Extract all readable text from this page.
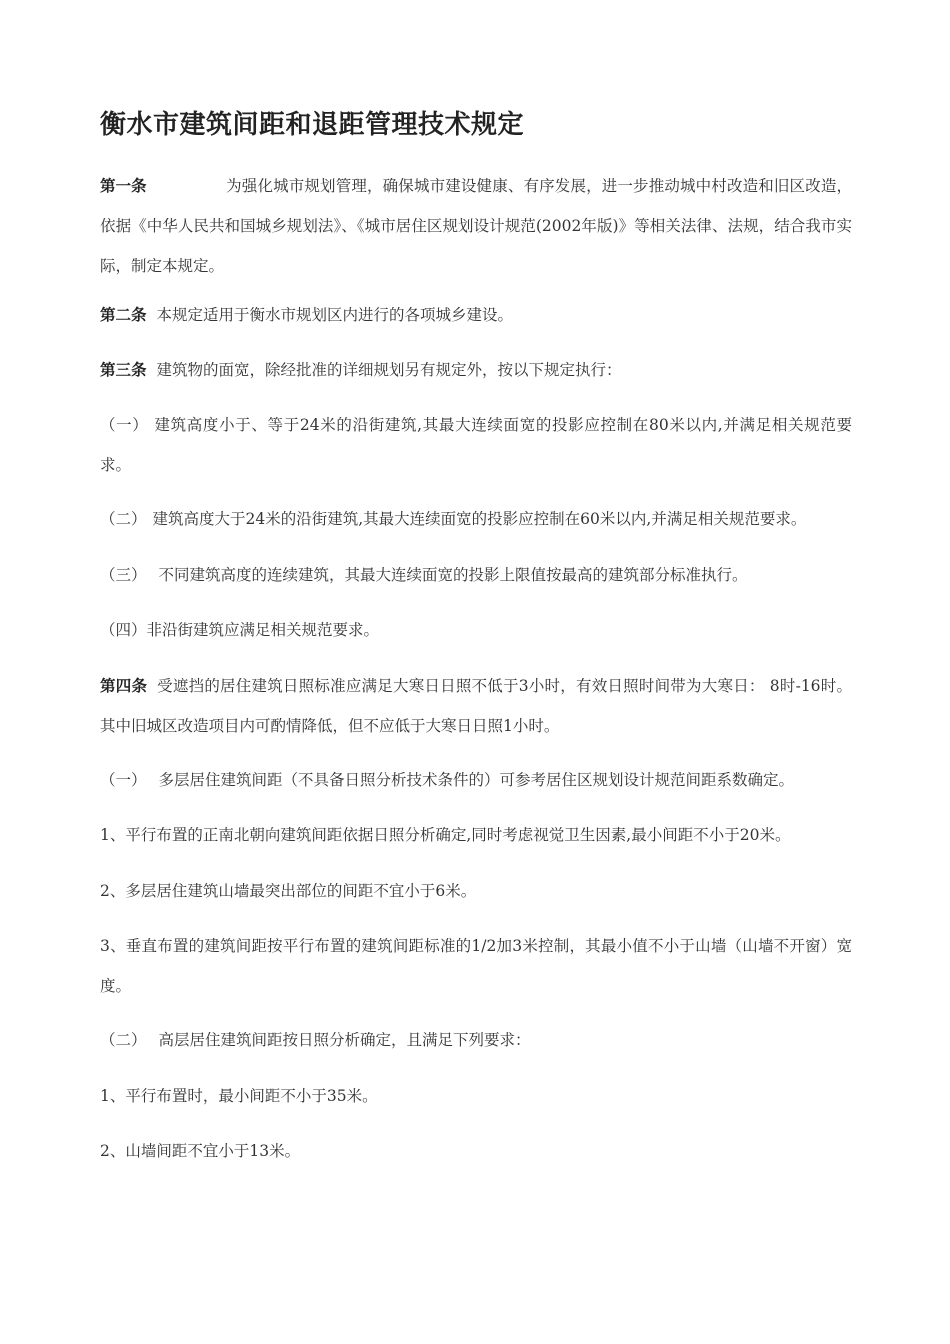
衡水市建筑间距和退距管理技术规定

第一条	为强化城市规划管理，确保城市建设健康、有序发展，进一步推动城中村改造和旧区改造，依据《中华人民共和国城乡规划法》、《城市居住区规划设计规范(2002年版)》等相关法律、法规，结合我市实际，制定本规定。

第二条 本规定适用于衡水市规划区内进行的各项城乡建设。

第三条 建筑物的面宽，除经批准的详细规划另有规定外，按以下规定执行：

（一） 建筑高度小于、等于24米的沿街建筑,其最大连续面宽的投影应控制在80米以内,并满足相关规范要求。

（二） 建筑高度大于24米的沿街建筑,其最大连续面宽的投影应控制在60米以内,并满足相关规范要求。

（三） 不同建筑高度的连续建筑，其最大连续面宽的投影上限值按最高的建筑部分标准执行。

（四）非沿街建筑应满足相关规范要求。

第四条 受遮挡的居住建筑日照标准应满足大寒日日照不低于3小时，有效日照时间带为大寒日： 8时-16时。其中旧城区改造项目内可酌情降低，但不应低于大寒日日照1小时。

（一） 多层居住建筑间距（不具备日照分析技术条件的）可参考居住区规划设计规范间距系数确定。

1、平行布置的正南北朝向建筑间距依据日照分析确定,同时考虑视觉卫生因素,最小间距不小于20米。

2、多层居住建筑山墙最突出部位的间距不宜小于6米。

3、垂直布置的建筑间距按平行布置的建筑间距标准的1/2加3米控制，其最小值不小于山墙（山墙不开窗）宽度。

（二） 高层居住建筑间距按日照分析确定，且满足下列要求：

1、平行布置时，最小间距不小于35米。

2、山墙间距不宜小于13米。
